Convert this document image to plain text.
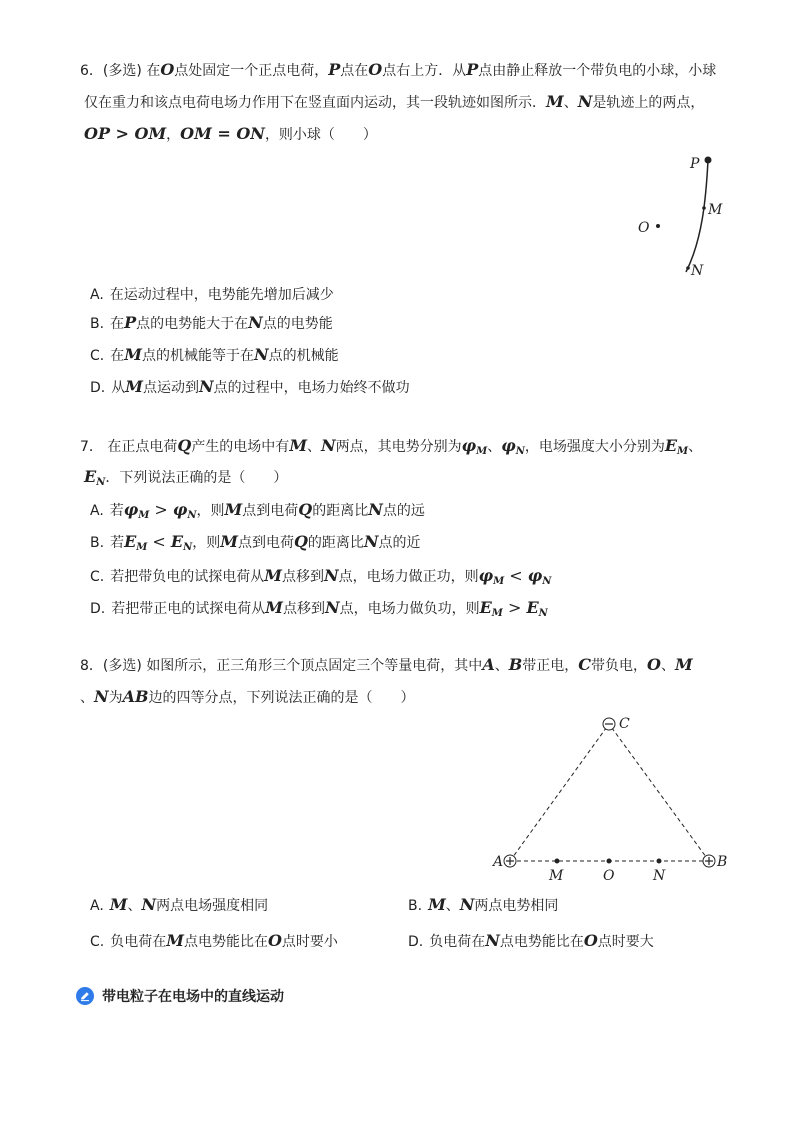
6．(多选) 在O点处固定一个正点电荷，P点在O点右上方．从P点由静止释放一个带负电的小球，小球
仅在重力和该点电荷电场力作用下在竖直面内运动，其一段轨迹如图所示．M、N是轨迹上的两点，
OP > OM，OM = ON，则小球（　　）
P
M
O
N
A. 在运动过程中，电势能先增加后减少
B. 在P点的电势能大于在N点的电势能
C. 在M点的机械能等于在N点的机械能
D. 从M点运动到N点的过程中，电场力始终不做功
7． 在正点电荷Q产生的电场中有M、N两点，其电势分别为$\varphi_M$、$\varphi_N$，电场强度大小分别为$E_M$、
$E_N$．下列说法正确的是（　　）
A. 若$\varphi_M > \varphi_N$，则M点到电荷Q的距离比N点的远
B. 若$E_M < E_N$，则M点到电荷Q的距离比N点的近
C. 若把带负电的试探电荷从M点移到N点，电场力做正功，则$\varphi_M < \varphi_N$
D. 若把带正电的试探电荷从M点移到N点，电场力做负功，则$E_M > E_N$
8．(多选) 如图所示，正三角形三个顶点固定三个等量电荷，其中A、B带正电，C带负电，O、M
、N为AB边的四等分点，下列说法正确的是（　　）
C
A	B
M	O	N
A. M、N两点电场强度相同	B. M、N两点电势相同
C. 负电荷在M点电势能比在O点时要小	D. 负电荷在N点电势能比在O点时要大
带电粒子在电场中的直线运动
